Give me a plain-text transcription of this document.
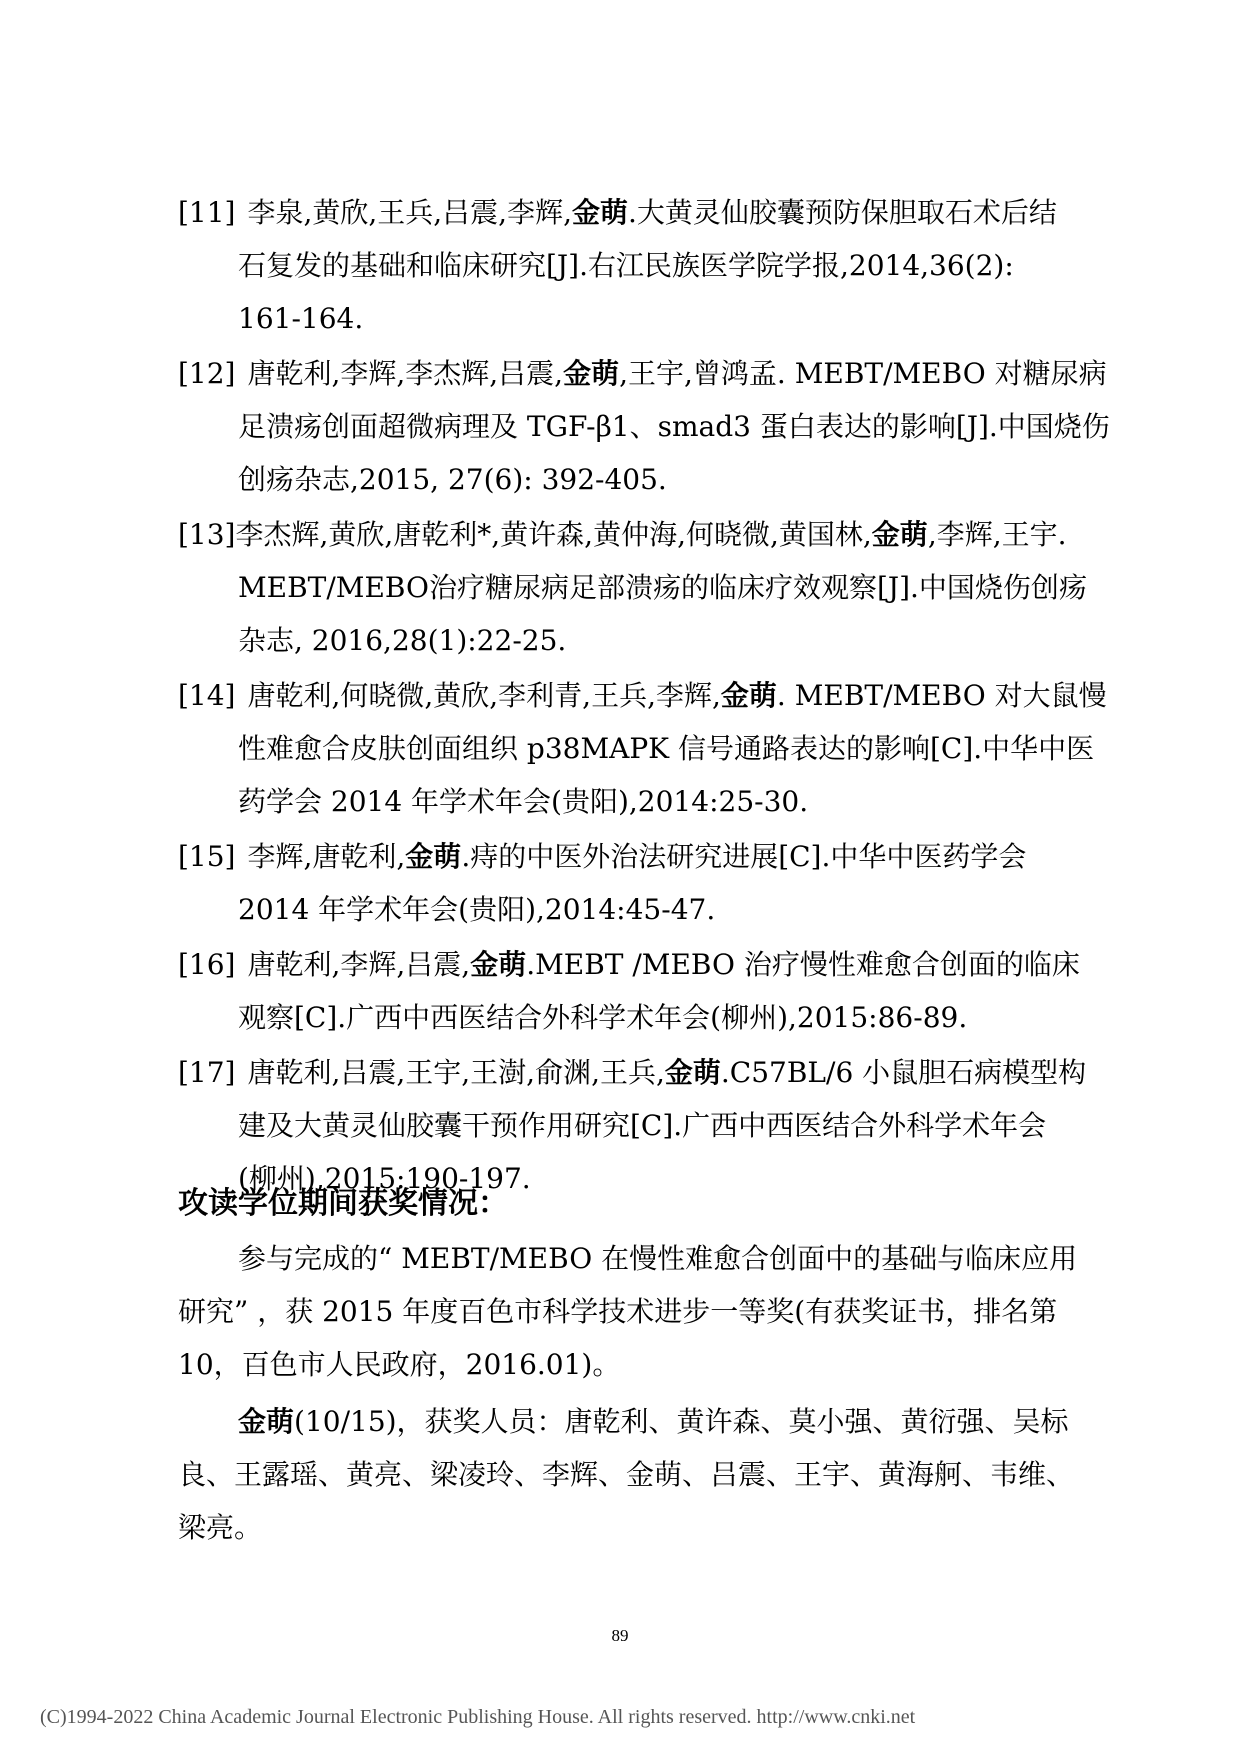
[11] 李泉,黄欣,王兵,吕震,李辉,金萌.大黄灵仙胶囊预防保胆取石术后结
石复发的基础和临床研究[J].右江民族医学院学报,2014,36(2):
161-164.
[12] 唐乾利,李辉,李杰辉,吕震,金萌,王宇,曾鸿孟. MEBT/MEBO 对糖尿病
足溃疡创面超微病理及 TGF-β1、smad3 蛋白表达的影响[J].中国烧伤
创疡杂志,2015, 27(6): 392-405.
[13]李杰辉,黄欣,唐乾利*,黄许森,黄仲海,何晓微,黄国林,金萌,李辉,王宇.
MEBT/MEBO治疗糖尿病足部溃疡的临床疗效观察[J].中国烧伤创疡
杂志, 2016,28(1):22-25.
[14] 唐乾利,何晓微,黄欣,李利青,王兵,李辉,金萌. MEBT/MEBO 对大鼠慢
性难愈合皮肤创面组织 p38MAPK 信号通路表达的影响[C].中华中医
药学会 2014 年学术年会(贵阳),2014:25-30.
[15] 李辉,唐乾利,金萌.痔的中医外治法研究进展[C].中华中医药学会
2014 年学术年会(贵阳),2014:45-47.
[16] 唐乾利,李辉,吕震,金萌.MEBT /MEBO 治疗慢性难愈合创面的临床
观察[C].广西中西医结合外科学术年会(柳州),2015:86-89.
[17] 唐乾利,吕震,王宇,王澍,俞渊,王兵,金萌.C57BL/6 小鼠胆石病模型构
建及大黄灵仙胶囊干预作用研究[C].广西中西医结合外科学术年会
(柳州),2015:190-197.
攻读学位期间获奖情况：
参与完成的“ MEBT/MEBO 在慢性难愈合创面中的基础与临床应用
研究” ，获 2015 年度百色市科学技术进步一等奖(有获奖证书，排名第
10，百色市人民政府，2016.01)。
金萌(10/15)，获奖人员：唐乾利、黄许森、莫小强、黄衍强、吴标
良、王露瑶、黄亮、梁凌玲、李辉、金萌、吕震、王宇、黄海舸、韦维、
梁亮。
89
(C)1994-2022 China Academic Journal Electronic Publishing House. All rights reserved. http://www.cnki.net
